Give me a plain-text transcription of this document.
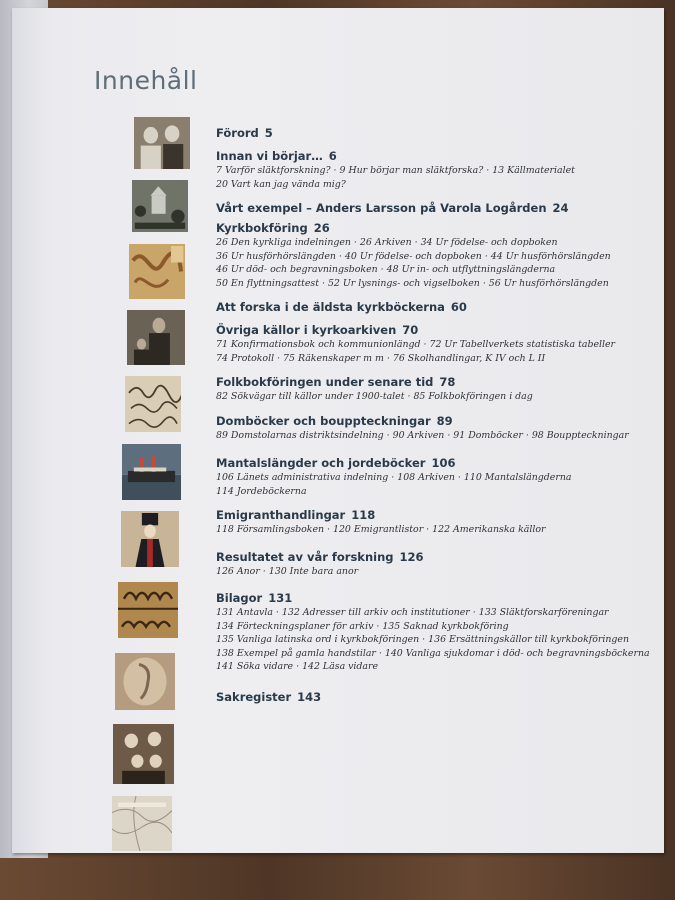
Innehåll
Förord 5
Innan vi börjar… 6
7 Varför släktforskning? · 9 Hur börjar man släktforska? · 13 Källmaterialet
20 Vart kan jag vända mig?
Vårt exempel – Anders Larsson på Varola Logården 24
Kyrkbokföring 26
26 Den kyrkliga indelningen · 26 Arkiven · 34 Ur födelse- och dopboken
36 Ur husförhörslängden · 40 Ur födelse- och dopboken · 44 Ur husförhörslängden
46 Ur död- och begravningsboken · 48 Ur in- och utflyttningslängderna
50 En flyttningsattest · 52 Ur lysnings- och vigselboken · 56 Ur husförhörslängden
Att forska i de äldsta kyrkböckerna 60
Övriga källor i kyrkoarkiven 70
71 Konfirmationsbok och kommunionlängd · 72 Ur Tabellverkets statistiska tabeller
74 Protokoll · 75 Räkenskaper m m · 76 Skolhandlingar, K IV och L II
Folkbokföringen under senare tid 78
82 Sökvägar till källor under 1900-talet · 85 Folkbokföringen i dag
Domböcker och bouppteckningar 89
89 Domstolarnas distriktsindelning · 90 Arkiven · 91 Domböcker · 98 Bouppteckningar
Mantalslängder och jordeböcker 106
106 Länets administrativa indelning · 108 Arkiven · 110 Mantalslängderna
114 Jordeböckerna
Emigranthandlingar 118
118 Församlingsboken · 120 Emigrantlistor · 122 Amerikanska källor
Resultatet av vår forskning 126
126 Anor · 130 Inte bara anor
Bilagor 131
131 Antavla · 132 Adresser till arkiv och institutioner · 133 Släktforskarföreningar
134 Förteckningsplaner för arkiv · 135 Saknad kyrkbokföring
135 Vanliga latinska ord i kyrkbokföringen · 136 Ersättningskällor till kyrkbokföringen
138 Exempel på gamla handstilar · 140 Vanliga sjukdomar i död- och begravningsböckerna
141 Söka vidare · 142 Läsa vidare
Sakregister 143
